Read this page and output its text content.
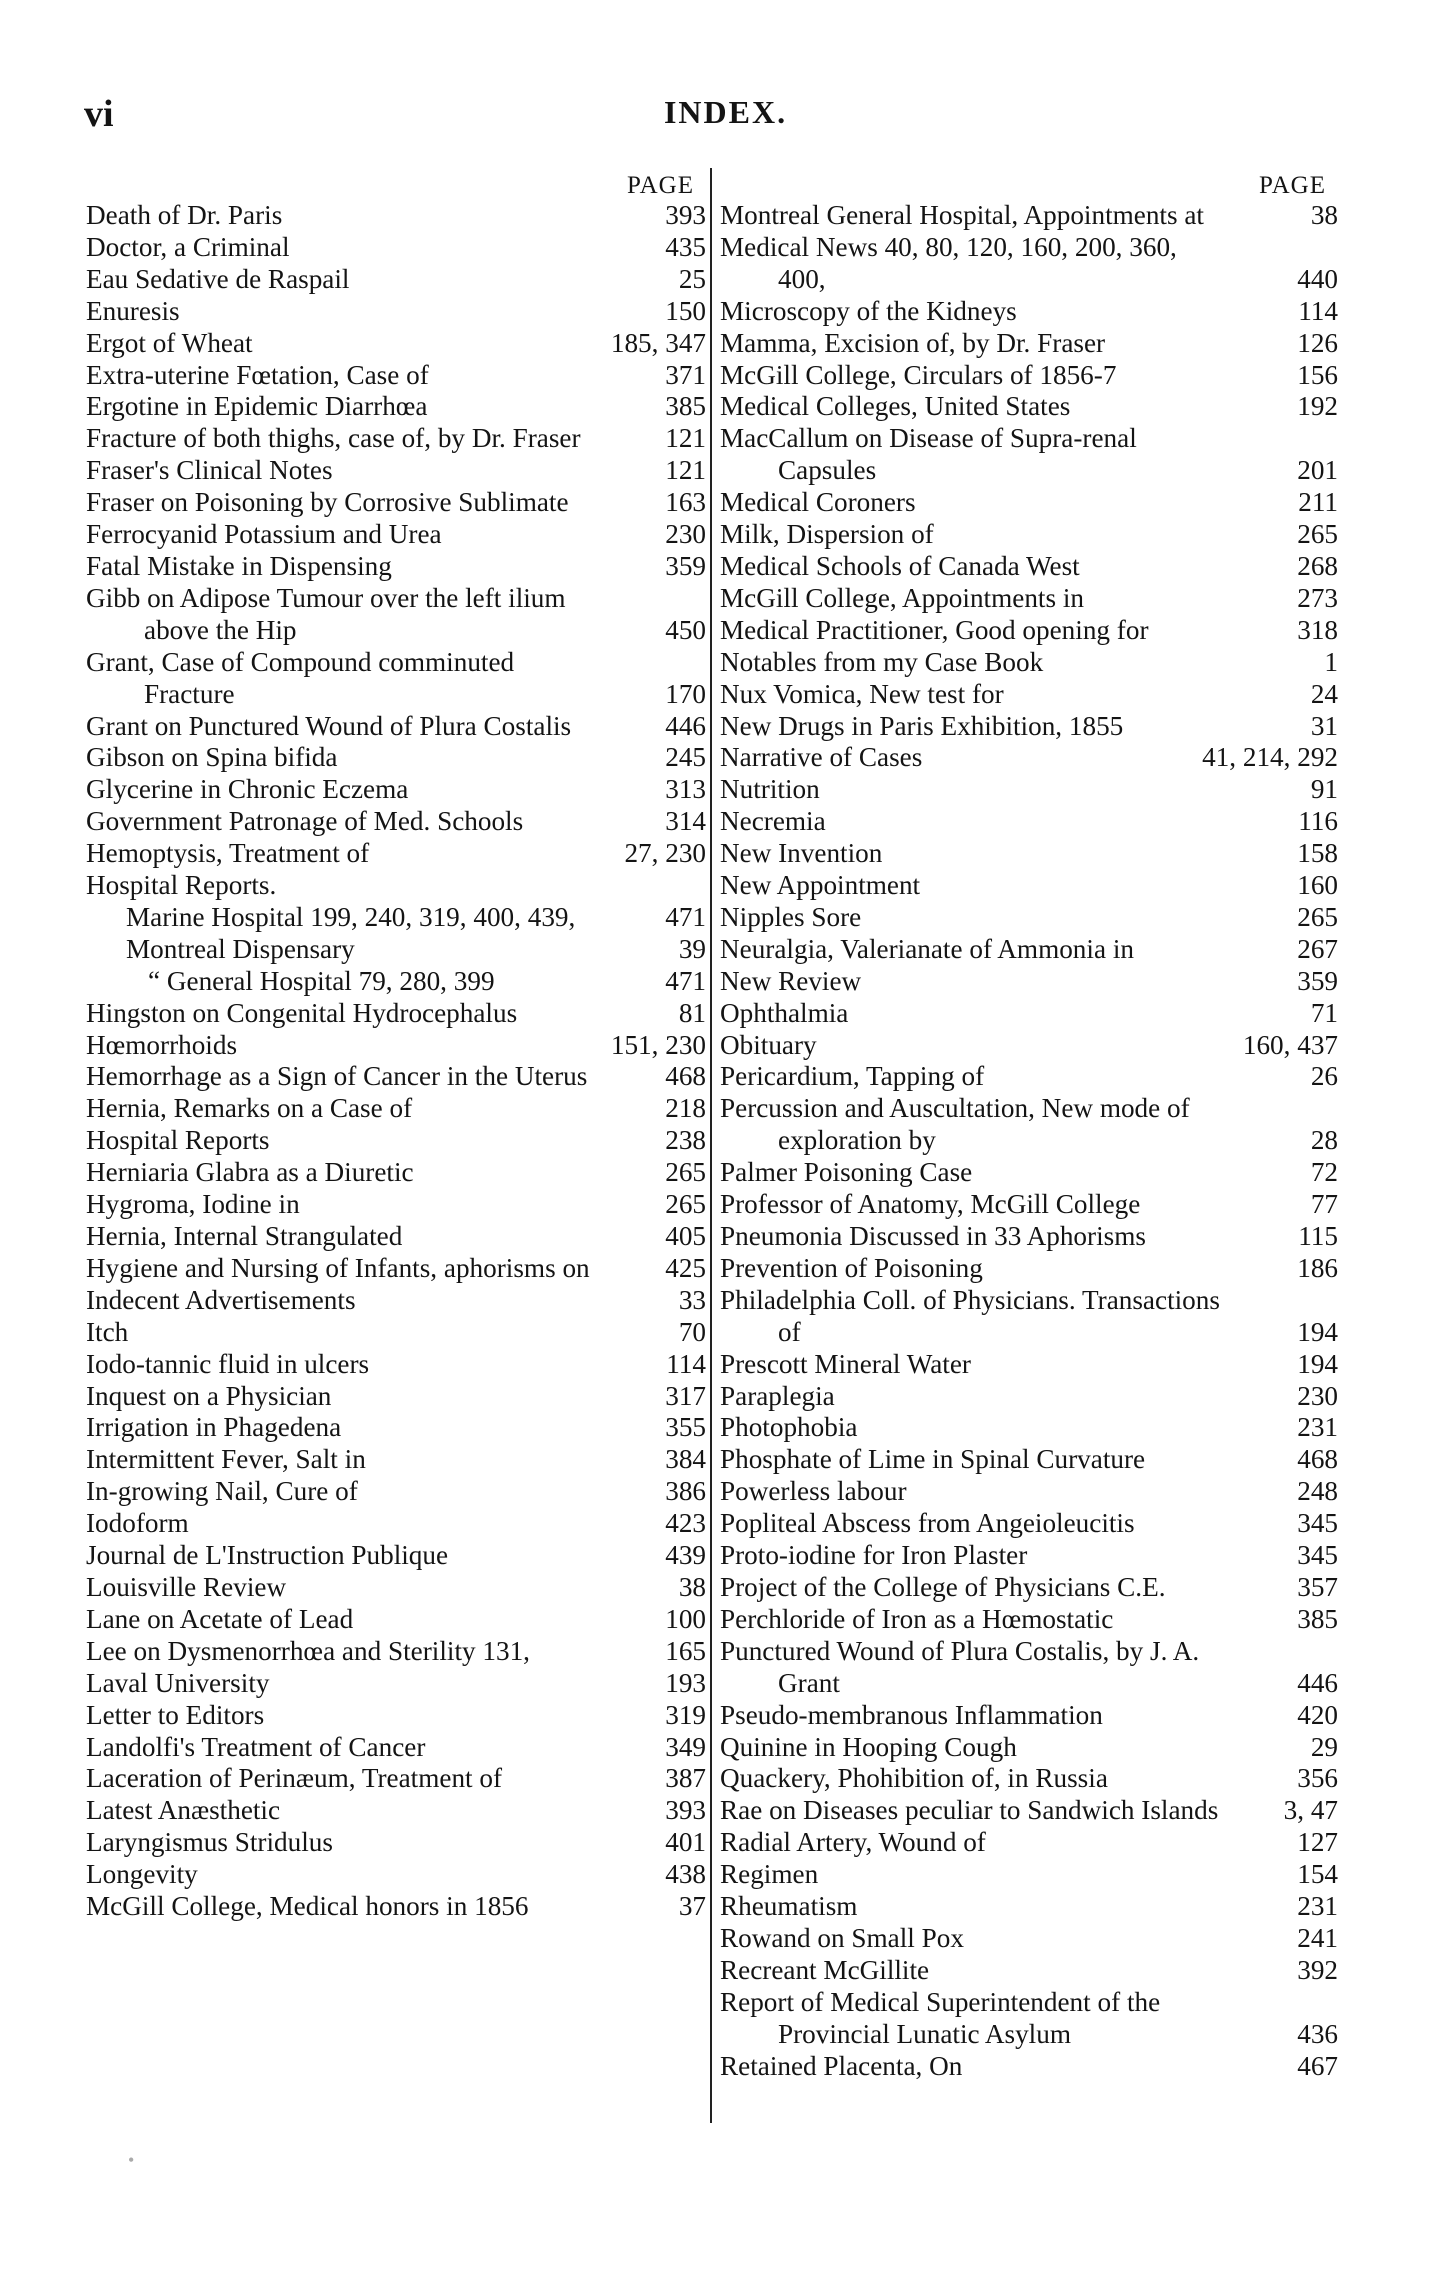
vi	INDEX.
PAGE
Death of Dr. Paris	393
Doctor, a Criminal	435
Eau Sedative de Raspail	25
Enuresis	150
Ergot of Wheat	185, 347
Extra-uterine Fœtation, Case of	371
Ergotine in Epidemic Diarrhœa	385
Fracture of both thighs, case of, by Dr. Fraser	121
Fraser's Clinical Notes	121
Fraser on Poisoning by Corrosive Sublimate	163
Ferrocyanid Potassium and Urea	230
Fatal Mistake in Dispensing	359
Gibb on Adipose Tumour over the left ilium above the Hip	450
Grant, Case of Compound comminuted Fracture	170
Grant on Punctured Wound of Plura Costalis	446
Gibson on Spina bifida	245
Glycerine in Chronic Eczema	313
Government Patronage of Med. Schools	314
Hemoptysis, Treatment of	27, 230
Hospital Reports.
Marine Hospital 199, 240, 319, 400, 439,	471
Montreal Dispensary	39
“ General Hospital 79, 280, 399	471
Hingston on Congenital Hydrocephalus	81
Hœmorrhoids	151, 230
Hemorrhage as a Sign of Cancer in the Uterus	468
Hernia, Remarks on a Case of	218
Hospital Reports	238
Herniaria Glabra as a Diuretic	265
Hygroma, Iodine in	265
Hernia, Internal Strangulated	405
Hygiene and Nursing of Infants, aphorisms on	425
Indecent Advertisements	33
Itch	70
Iodo-tannic fluid in ulcers	114
Inquest on a Physician	317
Irrigation in Phagedena	355
Intermittent Fever, Salt in	384
In-growing Nail, Cure of	386
Iodoform	423
Journal de L'Instruction Publique	439
Louisville Review	38
Lane on Acetate of Lead	100
Lee on Dysmenorrhœa and Sterility 131,	165
Laval University	193
Letter to Editors	319
Landolfi's Treatment of Cancer	349
Laceration of Perinæum, Treatment of	387
Latest Anæsthetic	393
Laryngismus Stridulus	401
Longevity	438
McGill College, Medical honors in 1856	37
PAGE
Montreal General Hospital, Appointments at	38
Medical News 40, 80, 120, 160, 200, 360, 400,	440
Microscopy of the Kidneys	114
Mamma, Excision of, by Dr. Fraser	126
McGill College, Circulars of 1856-7	156
Medical Colleges, United States	192
MacCallum on Disease of Supra-renal Capsules	201
Medical Coroners	211
Milk, Dispersion of	265
Medical Schools of Canada West	268
McGill College, Appointments in	273
Medical Practitioner, Good opening for	318
Notables from my Case Book	1
Nux Vomica, New test for	24
New Drugs in Paris Exhibition, 1855	31
Narrative of Cases	41, 214, 292
Nutrition	91
Necremia	116
New Invention	158
New Appointment	160
Nipples Sore	265
Neuralgia, Valerianate of Ammonia in	267
New Review	359
Ophthalmia	71
Obituary	160, 437
Pericardium, Tapping of	26
Percussion and Auscultation, New mode of exploration by	28
Palmer Poisoning Case	72
Professor of Anatomy, McGill College	77
Pneumonia Discussed in 33 Aphorisms	115
Prevention of Poisoning	186
Philadelphia Coll. of Physicians. Transactions of	194
Prescott Mineral Water	194
Paraplegia	230
Photophobia	231
Phosphate of Lime in Spinal Curvature	468
Powerless labour	248
Popliteal Abscess from Angeioleucitis	345
Proto-iodine for Iron Plaster	345
Project of the College of Physicians C.E.	357
Perchloride of Iron as a Hœmostatic	385
Punctured Wound of Plura Costalis, by J. A. Grant	446
Pseudo-membranous Inflammation	420
Quinine in Hooping Cough	29
Quackery, Phohibition of, in Russia	356
Rae on Diseases peculiar to Sandwich Islands	3, 47
Radial Artery, Wound of	127
Regimen	154
Rheumatism	231
Rowand on Small Pox	241
Recreant McGillite	392
Report of Medical Superintendent of the Provincial Lunatic Asylum	436
Retained Placenta, On	467
•
